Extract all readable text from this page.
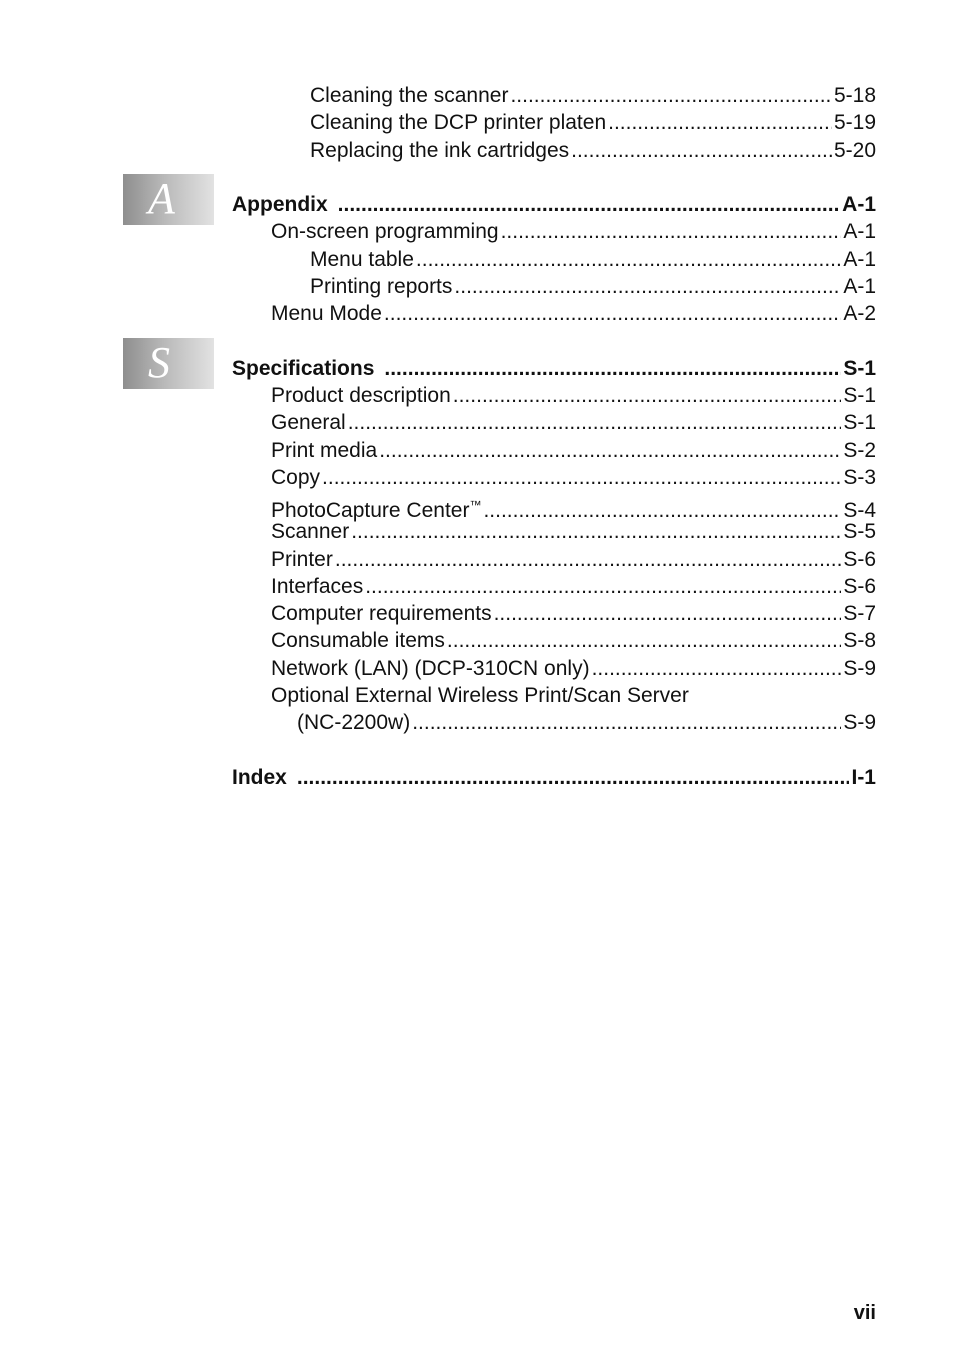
A
S
Cleaning the scanner .....	5-18
Cleaning the DCP printer platen .....	5-19
Replacing the ink cartridges .....	5-20
Appendix .....	A-1
On-screen programming .....	A-1
Menu table .....	A-1
Printing reports .....	A-1
Menu Mode .....	A-2
Specifications .....	S-1
Product description .....	S-1
General .....	S-1
Print media .....	S-2
Copy .....	S-3
PhotoCapture Center™ .....	S-4
Scanner .....	S-5
Printer .....	S-6
Interfaces .....	S-6
Computer requirements .....	S-7
Consumable items .....	S-8
Network (LAN) (DCP-310CN only) .....	S-9
Optional External Wireless Print/Scan Server
(NC-2200w) .....	S-9
Index .....	I-1
vii
